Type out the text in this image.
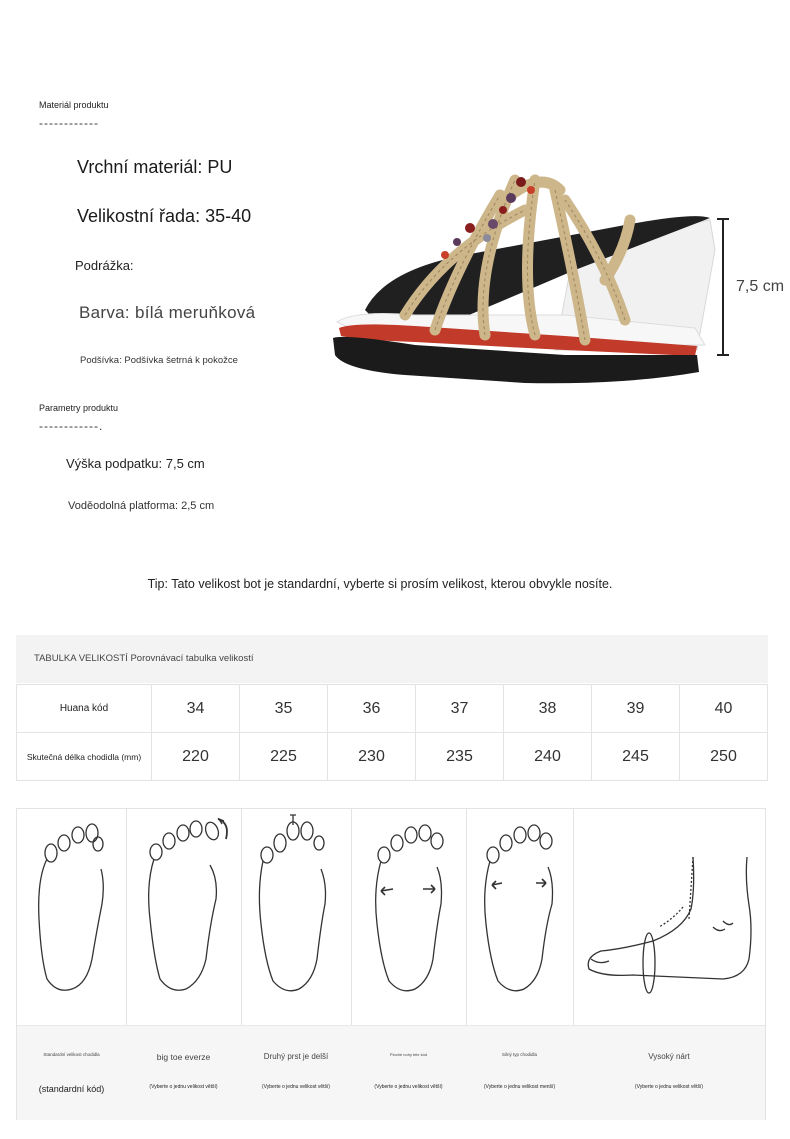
Materiál produktu
------------
Vrchní materiál: PU
Velikostní řada: 35-40
Podrážka:
Barva: bílá meruňková
Podšívka: Podšívka šetrná k pokožce
Parametry produktu
------------.
Výška podpatku: 7,5 cm
Voděodolná platforma: 2,5 cm
7,5 cm
Tip: Tato velikost bot je standardní, vyberte si prosím velikost, kterou obvykle nosíte.
TABULKA VELIKOSTÍ Porovnávací tabulka velikostí
Huana kód	34	35	36	37	38	39	40
Skutečná délka chodidla (mm)	220	225	230	235	240	245	250
Standardní velikost chodidla
(standardní kód)
big toe everze
(Vyberte o jednu velikost větší)
Druhý prst je delší
(Vyberte o jednu velikost větší)
Ploché nohy tele kód
(Vyberte o jednu velikost větší)
Silný typ chodidla
(Vyberte o jednu velikost menší)
Vysoký nárt
(Vyberte o jednu velikost větší)
